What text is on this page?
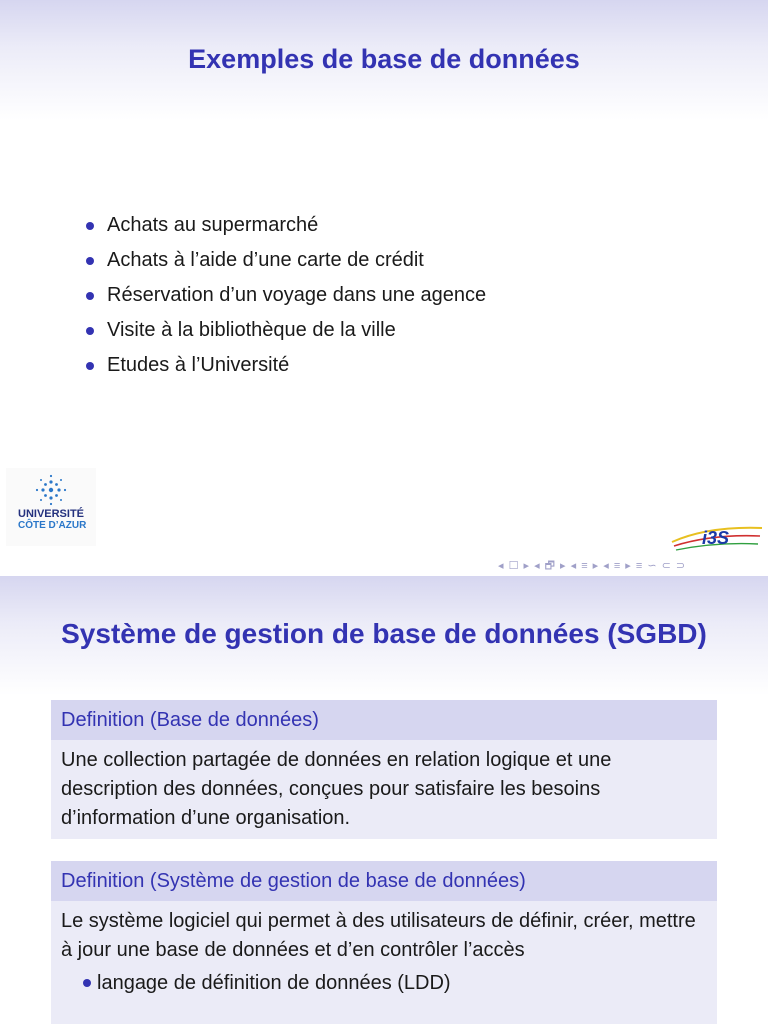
Exemples de base de données
Achats au supermarché
Achats à l’aide d’une carte de crédit
Réservation d’un voyage dans une agence
Visite à la bibliothèque de la ville
Etudes à l’Université
UNIVERSITÉ
CÔTE D’AZUR
i3S
◂ ☐ ▸ ◂ 🗗 ▸ ◂ ≡ ▸ ◂ ≡ ▸ ≡ ∽ ⊂ ⊃
Système de gestion de base de données (SGBD)
Definition (Base de données)
Une collection partagée de données en relation logique et une description des données, conçues pour satisfaire les besoins d’information d’une organisation.
Definition (Système de gestion de base de données)
Le système logiciel qui permet à des utilisateurs de définir, créer, mettre à jour une base de données et d’en contrôler l’accès
langage de définition de données (LDD)
